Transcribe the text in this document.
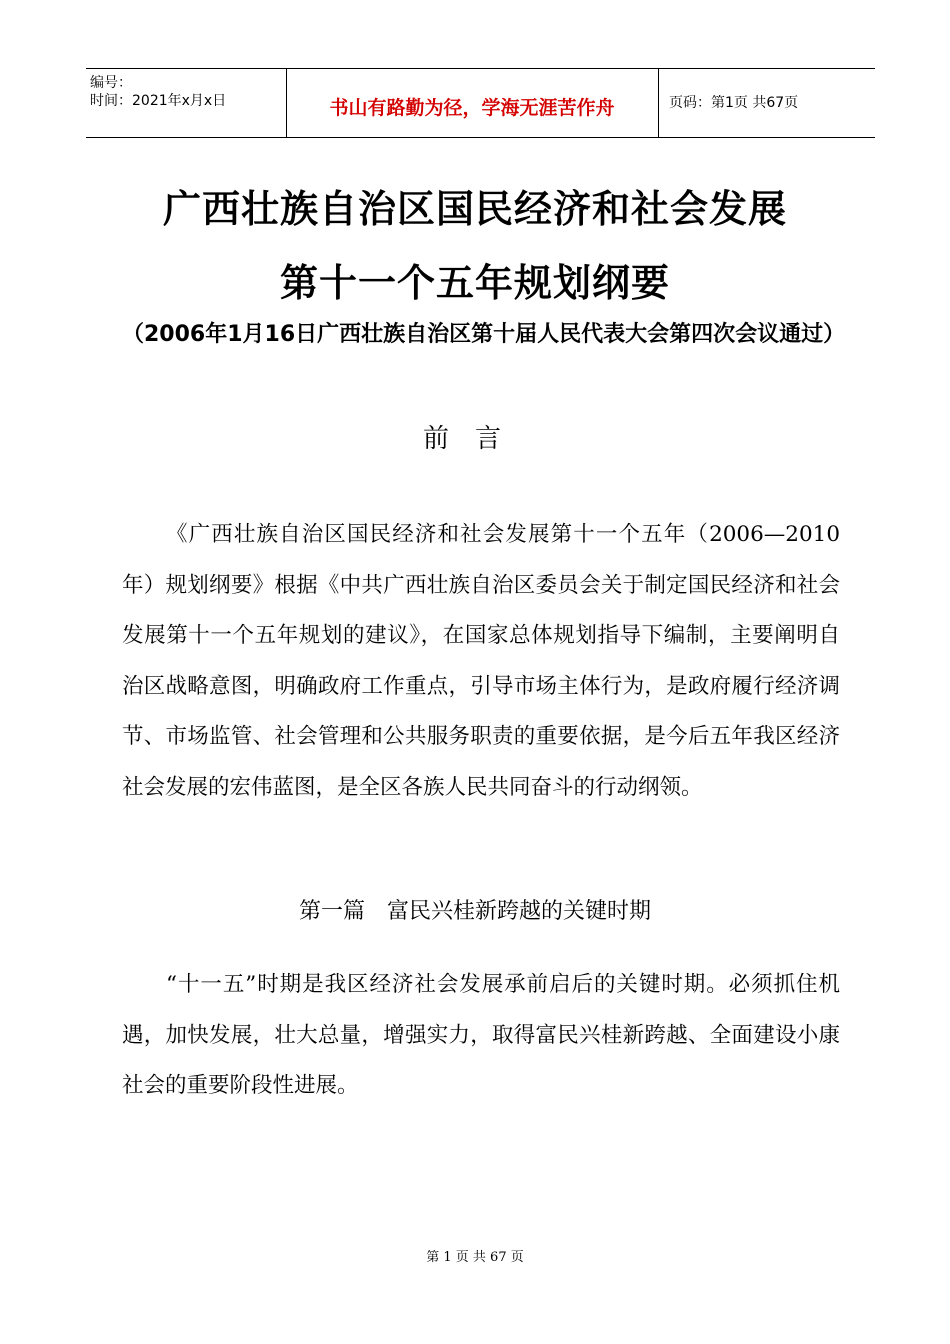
编号：
时间：2021年x月x日	书山有路勤为径，学海无涯苦作舟	页码：第1页 共67页
广西壮族自治区国民经济和社会发展
第十一个五年规划纲要
（2006年1月16日广西壮族自治区第十届人民代表大会第四次会议通过）
前言

《广西壮族自治区国民经济和社会发展第十一个五年（2006—2010年）规划纲要》根据《中共广西壮族自治区委员会关于制定国民经济和社会发展第十一个五年规划的建议》，在国家总体规划指导下编制，主要阐明自治区战略意图，明确政府工作重点，引导市场主体行为，是政府履行经济调节、市场监管、社会管理和公共服务职责的重要依据，是今后五年我区经济社会发展的宏伟蓝图，是全区各族人民共同奋斗的行动纲领。

第一篇　富民兴桂新跨越的关键时期

“十一五”时期是我区经济社会发展承前启后的关键时期。必须抓住机遇，加快发展，壮大总量，增强实力，取得富民兴桂新跨越、全面建设小康社会的重要阶段性进展。

第 1 页 共 67 页
